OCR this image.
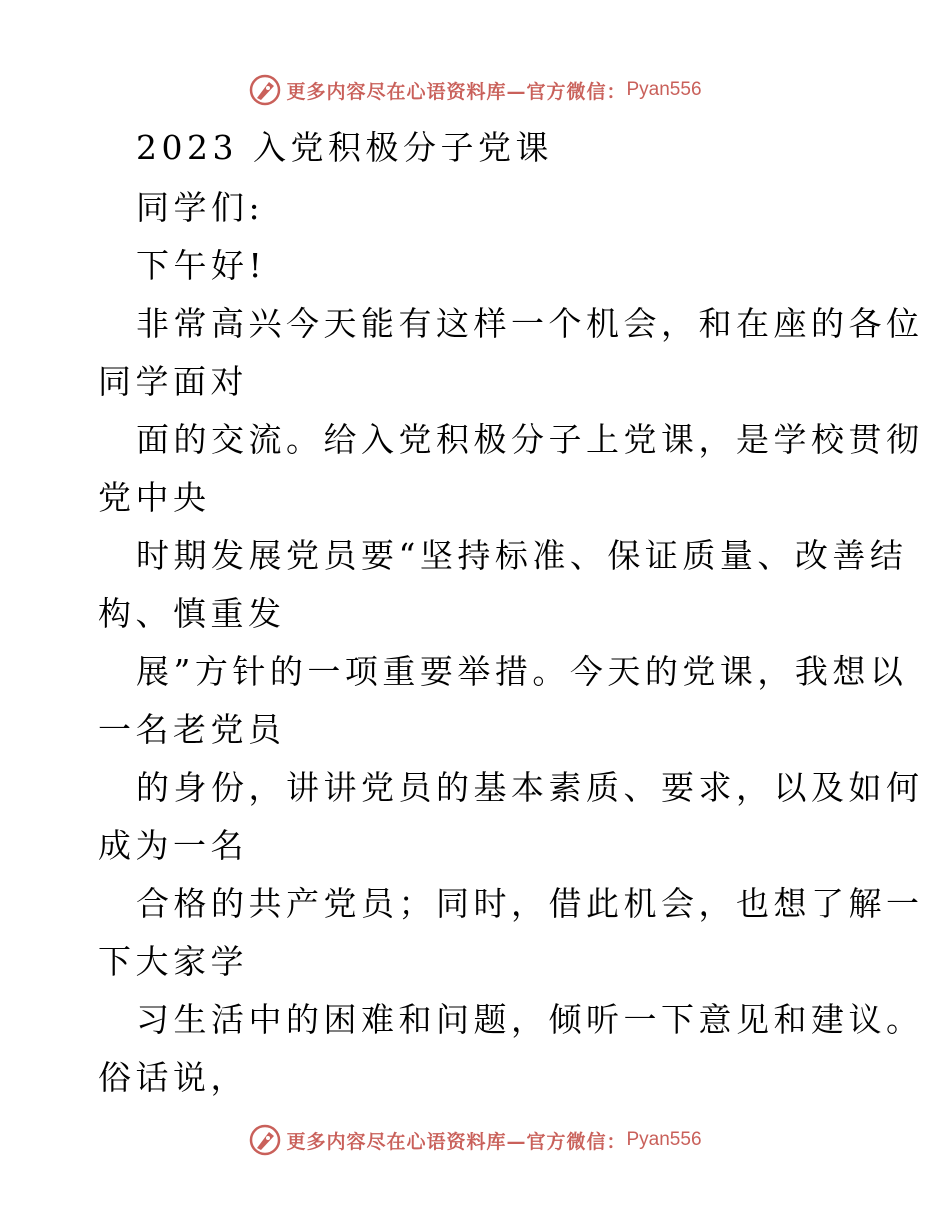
更多内容尽在心语资料库—官方微信： Pyan556
2023 入党积极分子党课
同学们:
下午好!
非常高兴今天能有这样一个机会，和在座的各位
同学面对
面的交流。给入党积极分子上党课，是学校贯彻
党中央
时期发展党员要“坚持标准、保证质量、改善结
构、慎重发
展”方针的一项重要举措。今天的党课，我想以
一名老党员
的身份，讲讲党员的基本素质、要求，以及如何
成为一名
合格的共产党员；同时，借此机会，也想了解一
下大家学
习生活中的困难和问题，倾听一下意见和建议。
俗话说，
更多内容尽在心语资料库—官方微信： Pyan556
